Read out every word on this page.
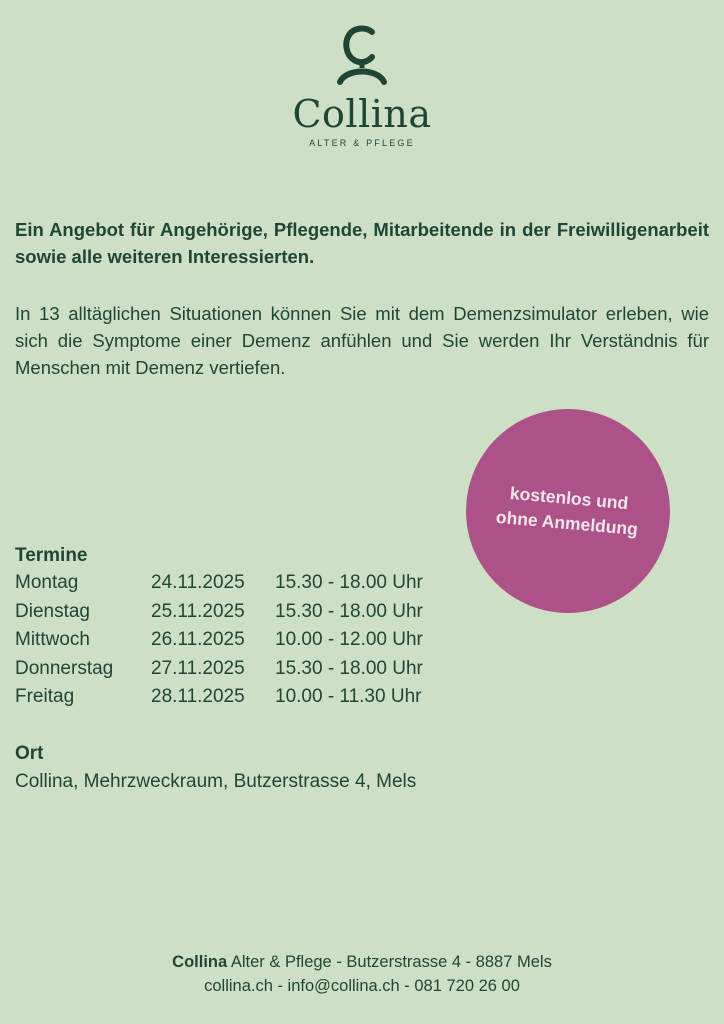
Collina
ALTER & PFLEGE
Ein Angebot für Angehörige, Pflegende, Mitarbeitende in der Freiwilligenarbeit sowie alle weiteren Interessierten.
In 13 alltäglichen Situationen können Sie mit dem Demenzsimulator erleben, wie sich die Symptome einer Demenz anfühlen und Sie werden Ihr Verständnis für Menschen mit Demenz vertiefen.
kostenlos und
ohne Anmeldung
Termine
Montag	24.11.2025 15.30 - 18.00 Uhr
Dienstag	25.11.2025 15.30 - 18.00 Uhr
Mittwoch	26.11.2025 10.00 - 12.00 Uhr
Donnerstag 27.11.2025 15.30 - 18.00 Uhr
Freitag	28.11.2025 10.00 - 11.30 Uhr
Ort
Collina, Mehrzweckraum, Butzerstrasse 4, Mels
Collina Alter & Pflege - Butzerstrasse 4 - 8887 Mels
collina.ch - info@collina.ch - 081 720 26 00
